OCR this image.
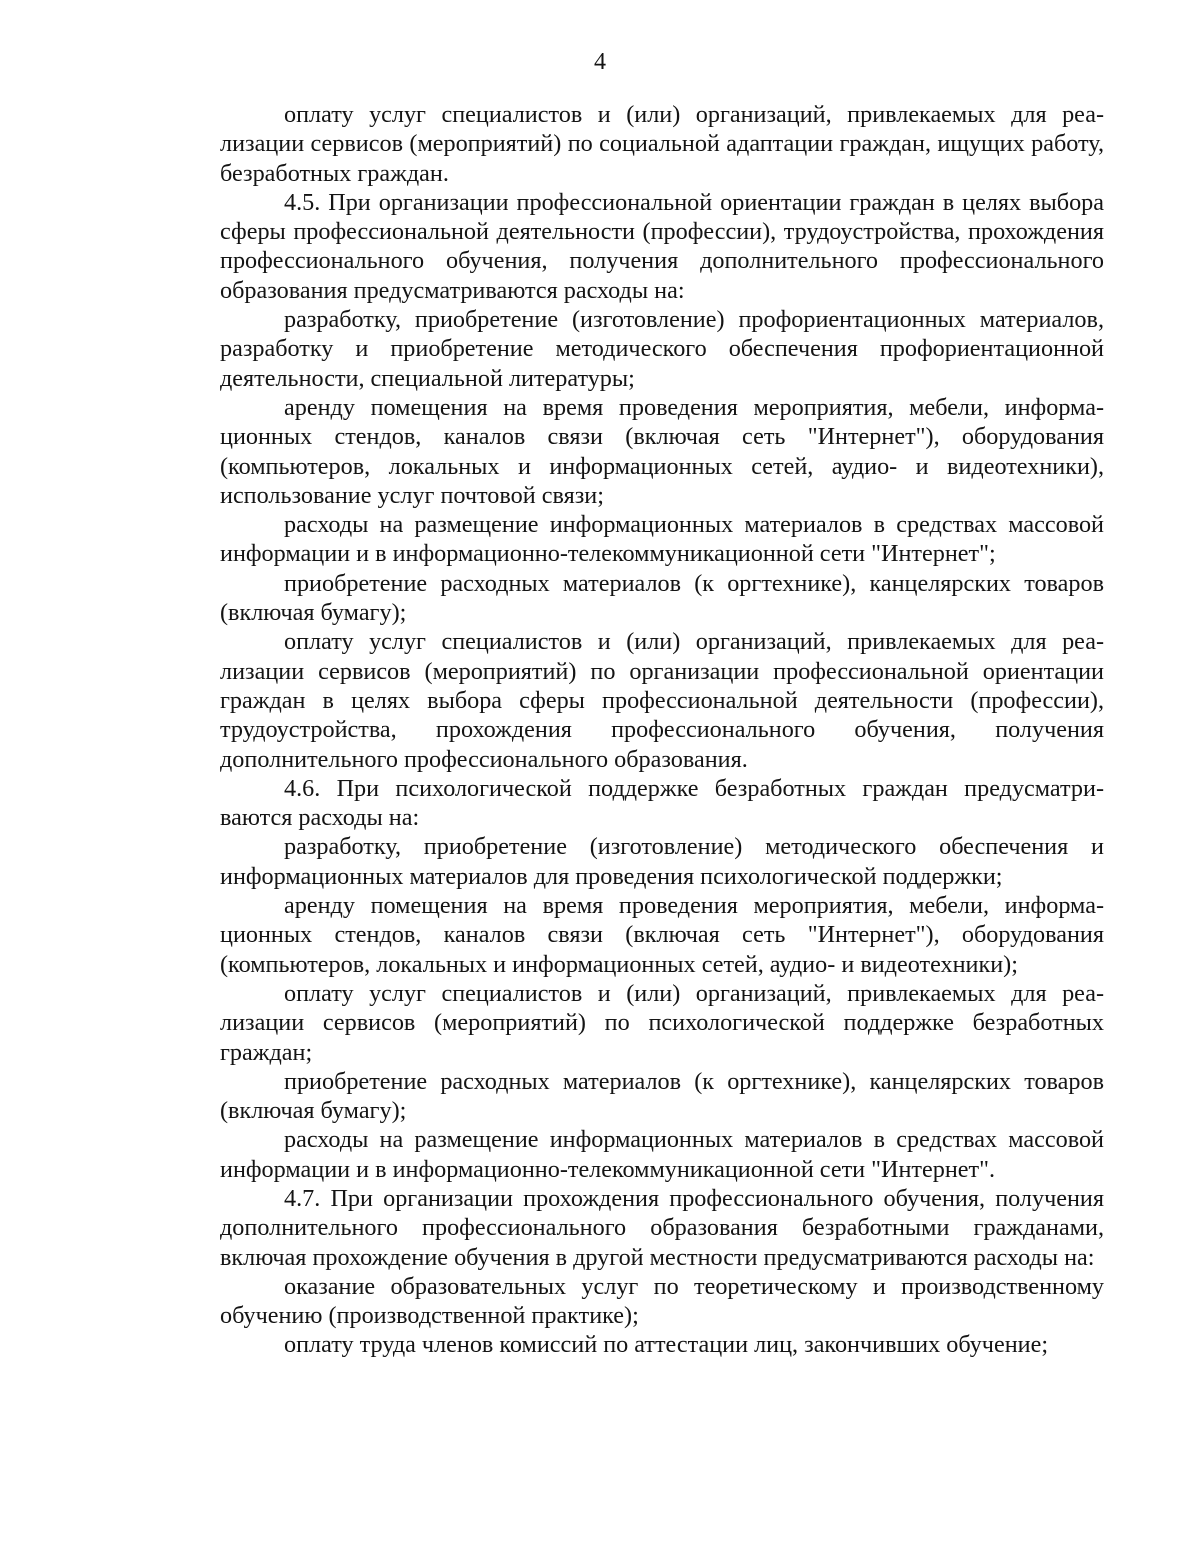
4

оплату услуг специалистов и (или) организаций, привлекаемых для реализации сервисов (мероприятий) по социальной адаптации граждан, ищущих работу, безработных граждан.

4.5. При организации профессиональной ориентации граждан в целях выбора сферы профессиональной деятельности (профессии), трудоустройства, прохождения профессионального обучения, получения дополнительного профессионального образования предусматриваются расходы на:

разработку, приобретение (изготовление) профориентационных материалов, разработку и приобретение методического обеспечения профориентационной деятельности, специальной литературы;

аренду помещения на время проведения мероприятия, мебели, информационных стендов, каналов связи (включая сеть "Интернет"), оборудования (компьютеров, локальных и информационных сетей, аудио- и видеотехники), использование услуг почтовой связи;

расходы на размещение информационных материалов в средствах массовой информации и в информационно-телекоммуникационной сети "Интернет";

приобретение расходных материалов (к оргтехнике), канцелярских товаров (включая бумагу);

оплату услуг специалистов и (или) организаций, привлекаемых для реализации сервисов (мероприятий) по организации профессиональной ориентации граждан в целях выбора сферы профессиональной деятельности (профессии), трудоустройства, прохождения профессионального обучения, получения дополнительного профессионального образования.

4.6. При психологической поддержке безработных граждан предусматриваются расходы на:

разработку, приобретение (изготовление) методического обеспечения и информационных материалов для проведения психологической поддержки;

аренду помещения на время проведения мероприятия, мебели, информационных стендов, каналов связи (включая сеть "Интернет"), оборудования (компьютеров, локальных и информационных сетей, аудио- и видеотехники);

оплату услуг специалистов и (или) организаций, привлекаемых для реализации сервисов (мероприятий) по психологической поддержке безработных граждан;

приобретение расходных материалов (к оргтехнике), канцелярских товаров (включая бумагу);

расходы на размещение информационных материалов в средствах массовой информации и в информационно-телекоммуникационной сети "Интернет".

4.7. При организации прохождения профессионального обучения, получения дополнительного профессионального образования безработными гражданами, включая прохождение обучения в другой местности предусматриваются расходы на:

оказание образовательных услуг по теоретическому и производственному обучению (производственной практике);

оплату труда членов комиссий по аттестации лиц, закончивших обучение;
